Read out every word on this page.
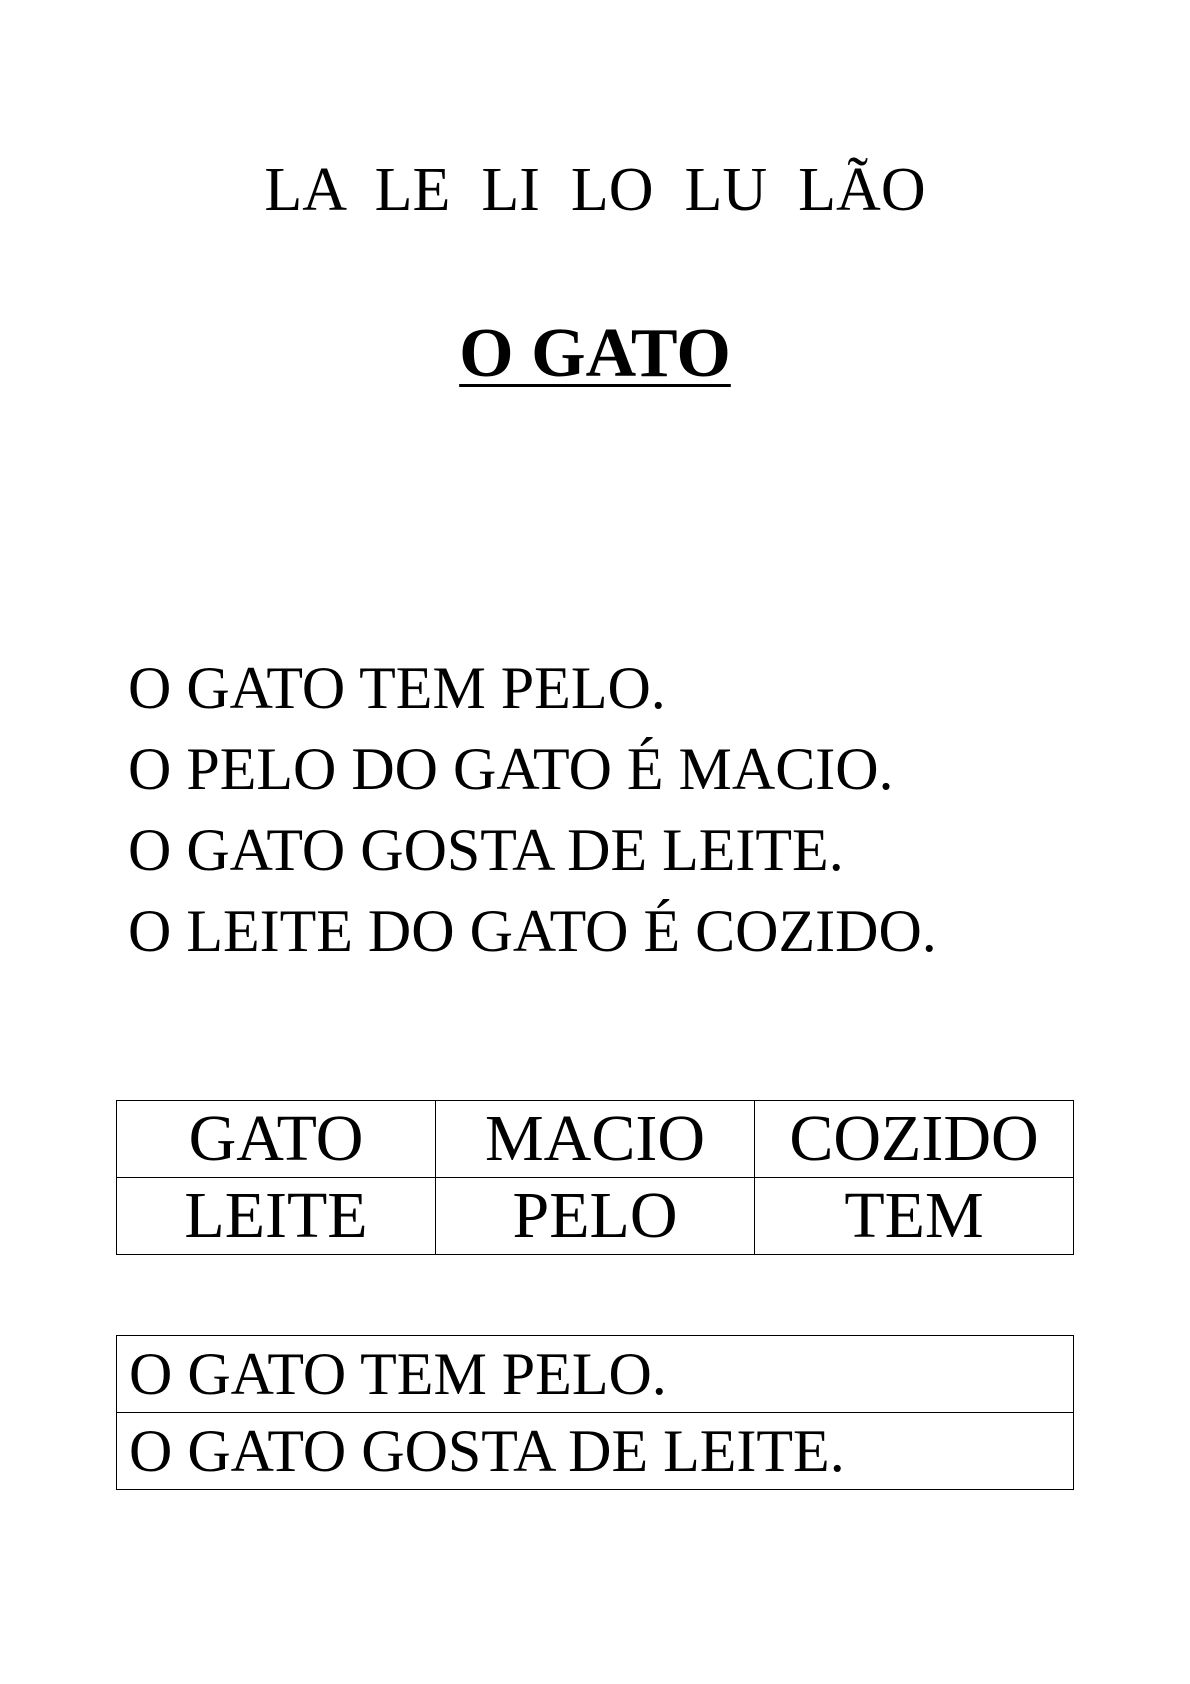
LA  LE  LI  LO  LU  LÃO
O GATO
O GATO TEM PELO.
O PELO DO GATO É MACIO.
O GATO GOSTA DE LEITE.
O LEITE DO GATO É COZIDO.
GATO	MACIO	COZIDO
LEITE	PELO	TEM
O GATO TEM PELO.
O GATO GOSTA DE LEITE.
